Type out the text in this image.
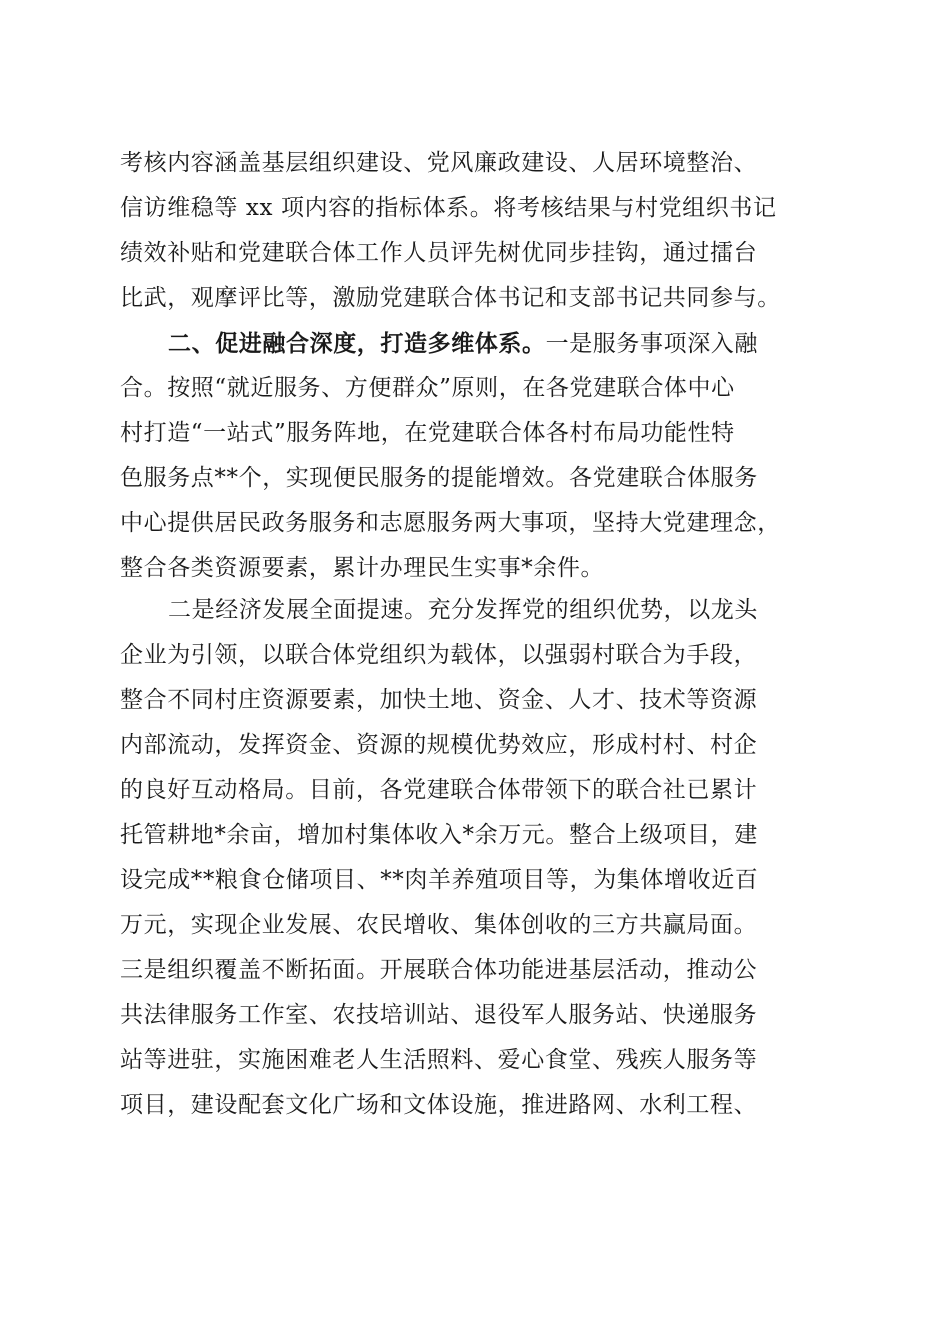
考核内容涵盖基层组织建设、党风廉政建设、人居环境整治、
信访维稳等 xx 项内容的指标体系。将考核结果与村党组织书记
绩效补贴和党建联合体工作人员评先树优同步挂钩，通过擂台
比武，观摩评比等，激励党建联合体书记和支部书记共同参与。
二、促进融合深度，打造多维体系。一是服务事项深入融
合。按照“就近服务、方便群众”原则，在各党建联合体中心
村打造“一站式”服务阵地，在党建联合体各村布局功能性特
色服务点**个，实现便民服务的提能增效。各党建联合体服务
中心提供居民政务服务和志愿服务两大事项，坚持大党建理念，
整合各类资源要素，累计办理民生实事*余件。
二是经济发展全面提速。充分发挥党的组织优势，以龙头
企业为引领，以联合体党组织为载体，以强弱村联合为手段，
整合不同村庄资源要素，加快土地、资金、人才、技术等资源
内部流动，发挥资金、资源的规模优势效应，形成村村、村企
的良好互动格局。目前，各党建联合体带领下的联合社已累计
托管耕地*余亩，增加村集体收入*余万元。整合上级项目，建
设完成**粮食仓储项目、**肉羊养殖项目等，为集体增收近百
万元，实现企业发展、农民增收、集体创收的三方共赢局面。
三是组织覆盖不断拓面。开展联合体功能进基层活动，推动公
共法律服务工作室、农技培训站、退役军人服务站、快递服务
站等进驻，实施困难老人生活照料、爱心食堂、残疾人服务等
项目，建设配套文化广场和文体设施，推进路网、水利工程、
